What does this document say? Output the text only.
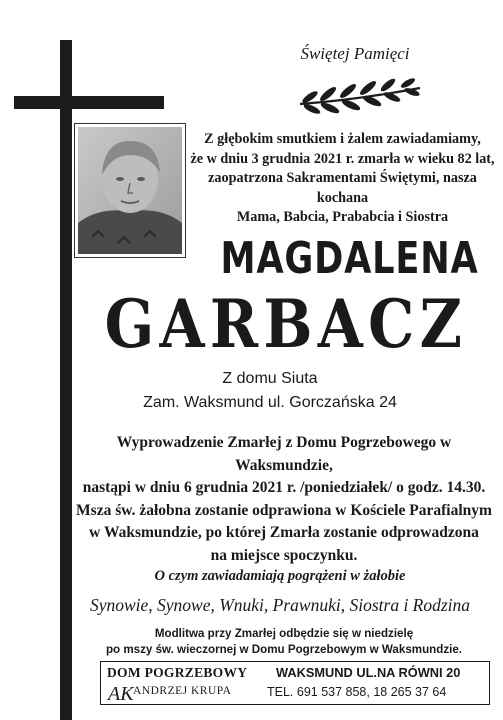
Świętej Pamięci
Z głębokim smutkiem i żalem zawiadamiamy,
że w dniu 3 grudnia 2021 r. zmarła w wieku 82 lat,
zaopatrzona Sakramentami Świętymi, nasza kochana
Mama, Babcia, Prababcia i Siostra
MAGDALENA
GARBACZ
Z domu Siuta
Zam. Waksmund ul. Gorczańska 24
Wyprowadzenie Zmarłej z Domu Pogrzebowego w Waksmundzie,
nastąpi w dniu 6 grudnia 2021 r. /poniedziałek/ o godz. 14.30.
Msza św. żałobna zostanie odprawiona w Kościele Parafialnym
w Waksmundzie, po której Zmarła zostanie odprowadzona
na miejsce spoczynku.
O czym zawiadamiają pogrążeni w żałobie
Synowie, Synowe, Wnuki, Prawnuki, Siostra i Rodzina
Modlitwa przy Zmarłej odbędzie się w niedzielę
po mszy św. wieczornej w Domu Pogrzebowym w Waksmundzie.
DOM POGRZEBOWY
AK ANDRZEJ KRUPA
WAKSMUND UL.NA RÓWNI 20
TEL. 691 537 858, 18 265 37 64
